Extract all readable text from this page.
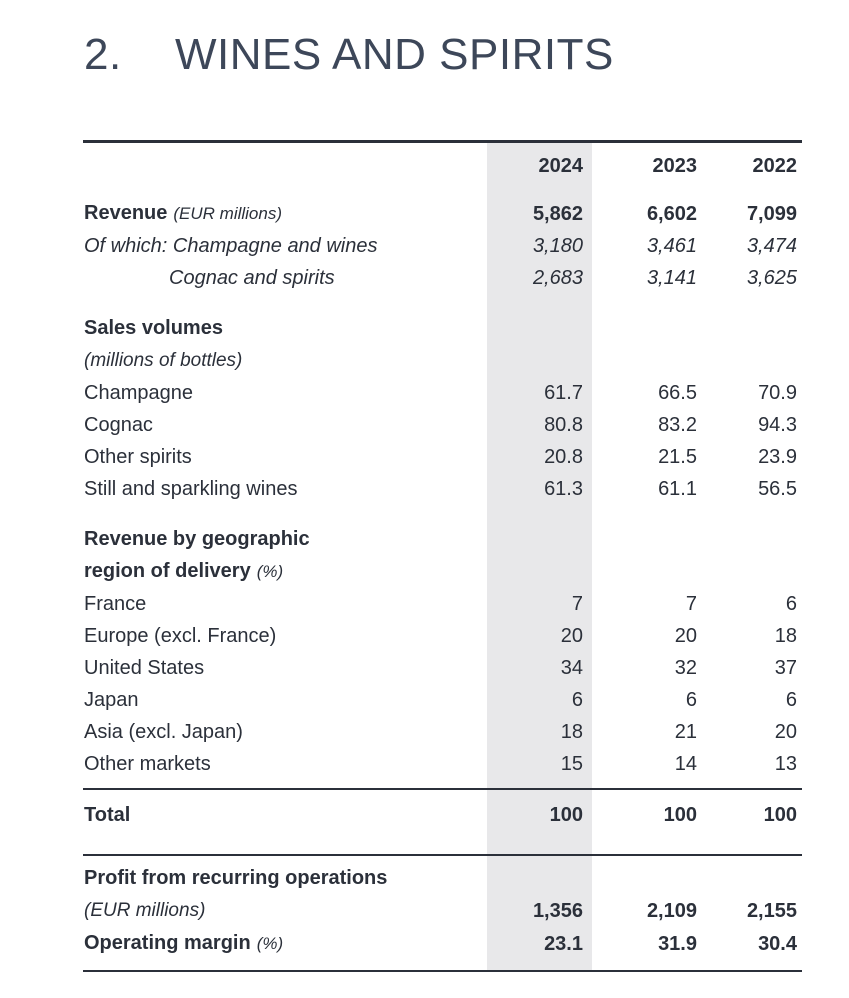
2.	WINES AND SPIRITS
	2024	2023	2022
Revenue (EUR millions)	5,862	6,602	7,099
Of which: Champagne and wines	3,180	3,461	3,474
Cognac and spirits	2,683	3,141	3,625
Sales volumes			
(millions of bottles)			
Champagne	61.7	66.5	70.9
Cognac	80.8	83.2	94.3
Other spirits	20.8	21.5	23.9
Still and sparkling wines	61.3	61.1	56.5
Revenue by geographic			
region of delivery (%)			
France	7	7	6
Europe (excl. France)	20	20	18
United States	34	32	37
Japan	6	6	6
Asia (excl. Japan)	18	21	20
Other markets	15	14	13
Total	100	100	100
Profit from recurring operations			
(EUR millions)	1,356	2,109	2,155
Operating margin (%)	23.1	31.9	30.4
